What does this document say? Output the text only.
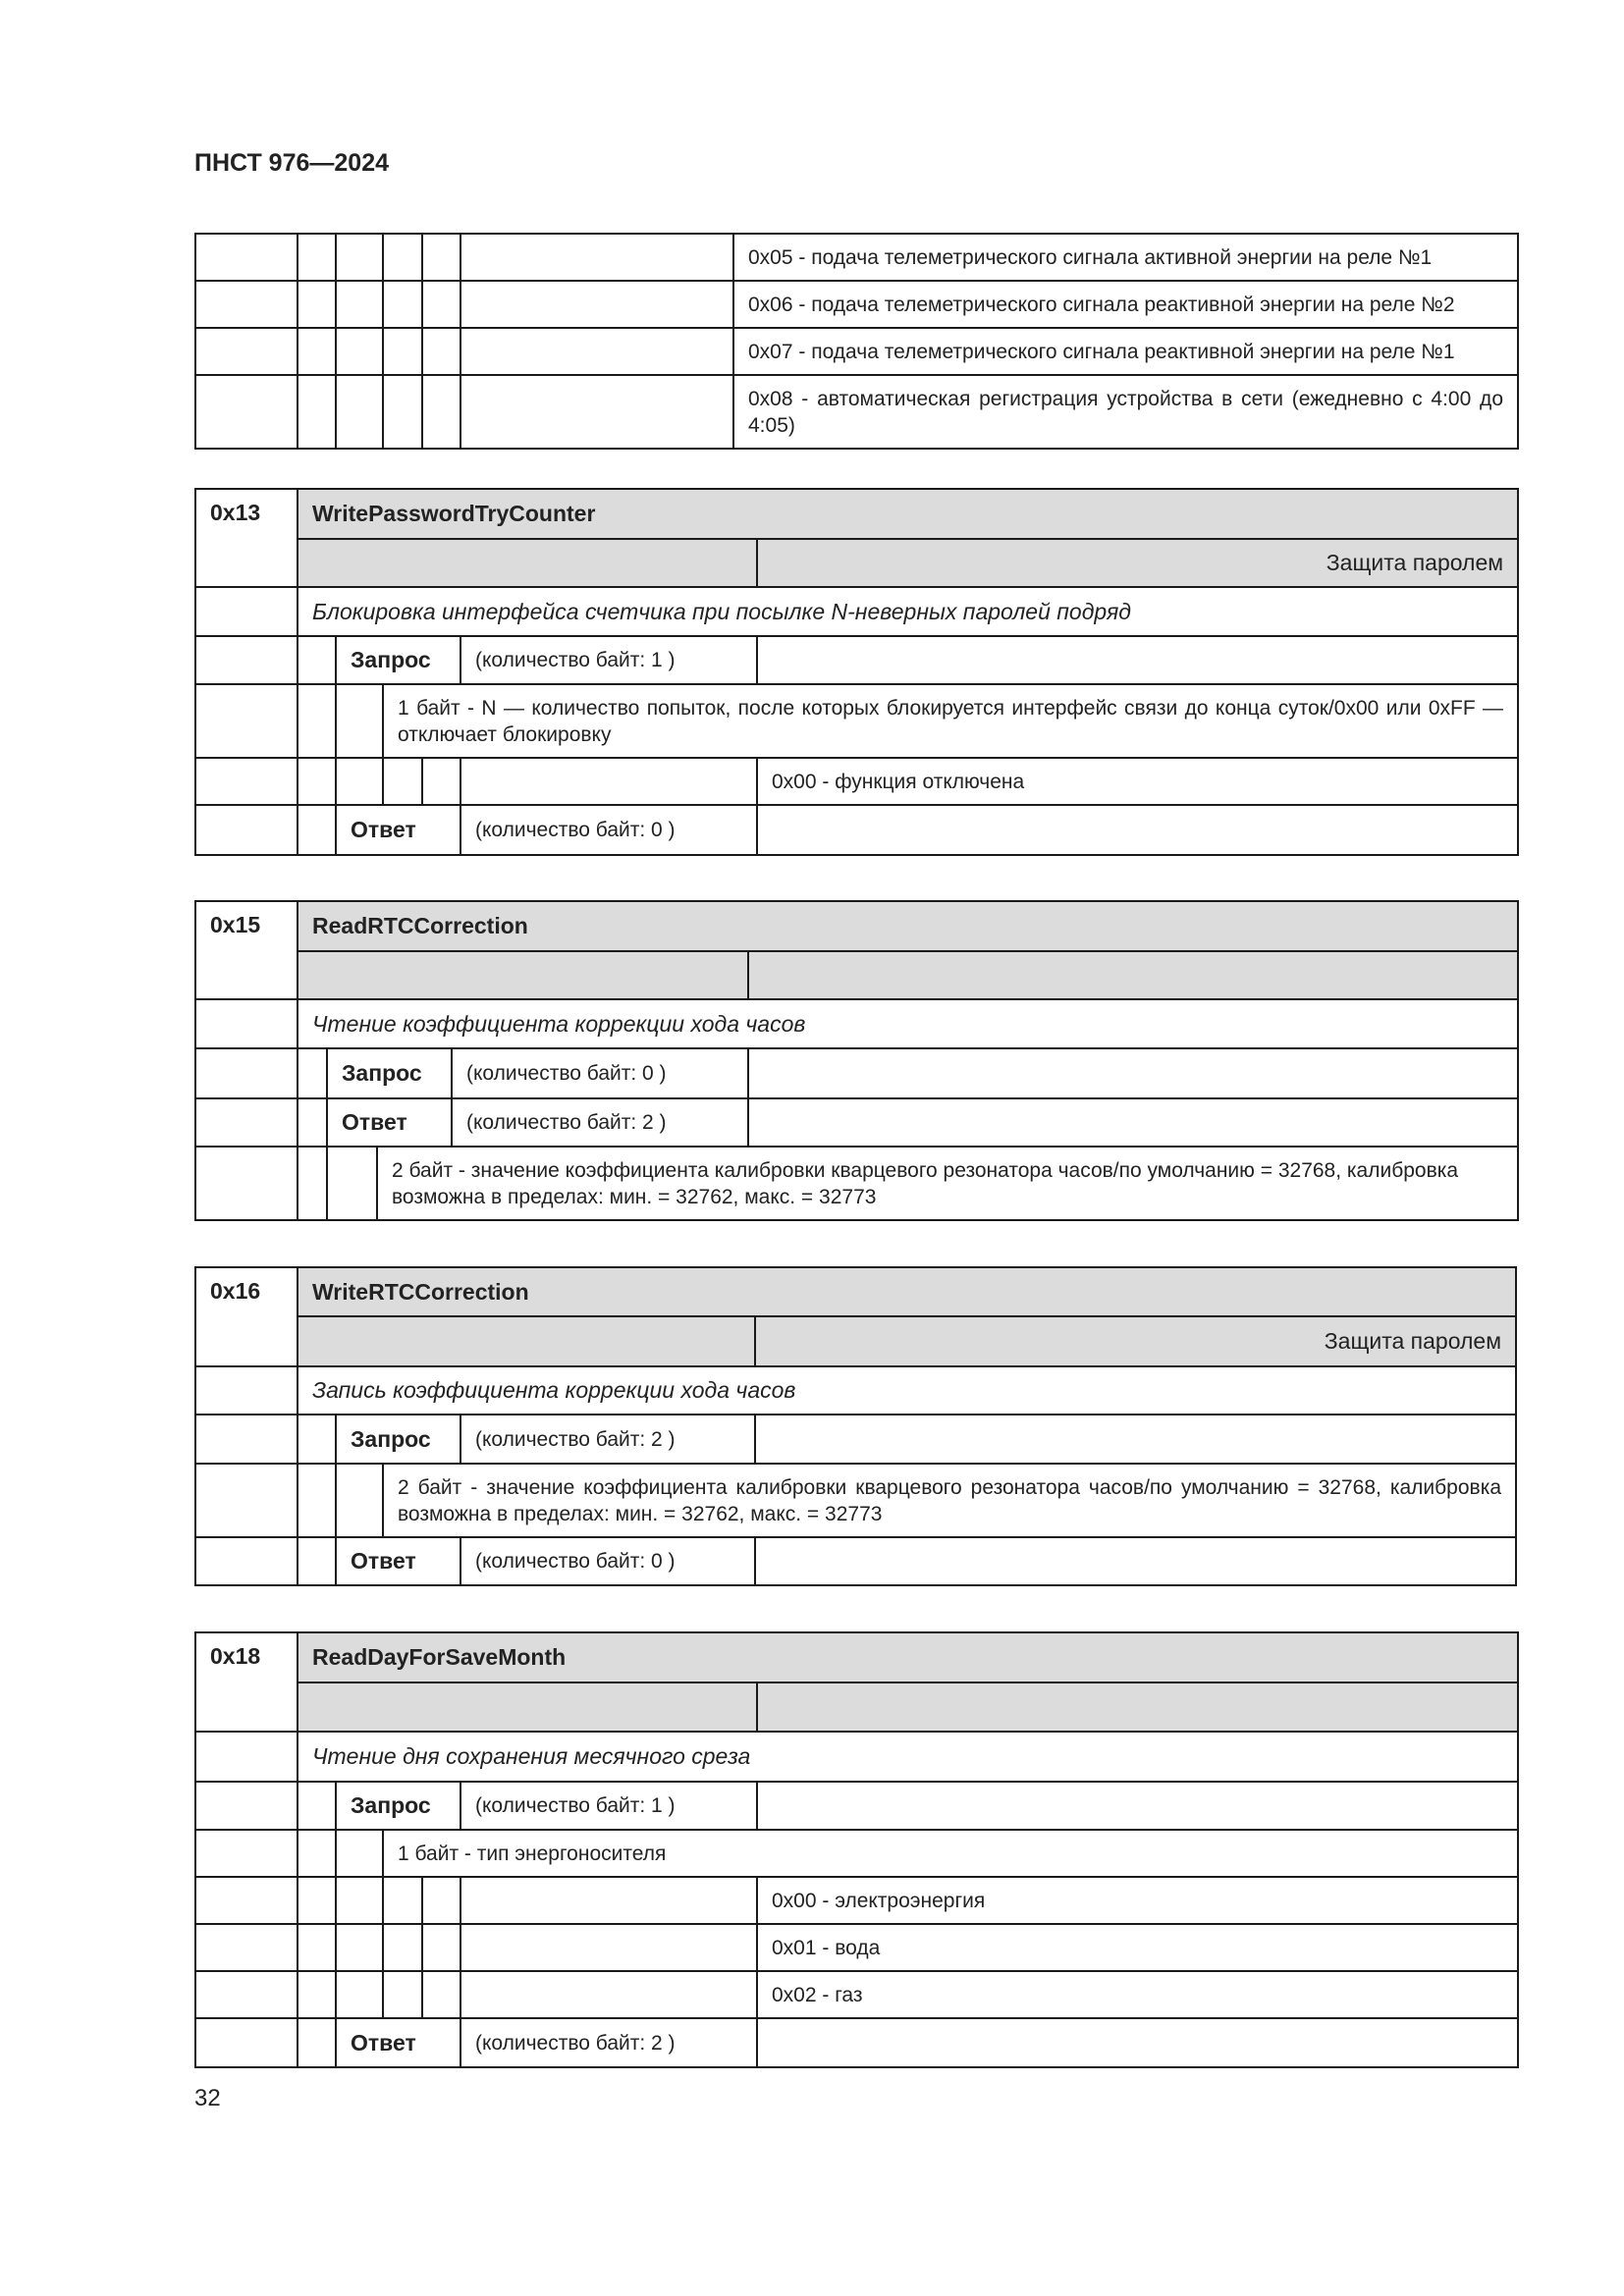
ПНСТ 976—2024
						0x05 - подача телеметрического сигнала активной энергии на реле №1
						0x06 - подача телеметрического сигнала реактивной энергии на реле №2
						0x07 - подача телеметрического сигнала реактивной энергии на реле №1
						0x08 - автоматическая регистрация устройства в сети (ежедневно с 4:00 до 4:05)
0x13	WritePasswordTryCounter					
						Защита паролем
	Блокировка интерфейса счетчика при посылке N-неверных паролей подряд					
		Запрос			(количество байт: 1 )	
			1 байт - N — количество попыток, после которых блокируется интерфейс связи до конца суток/0x00 или 0xFF — отключает блокировку			
						0x00 - функция отключена
		Ответ			(количество байт: 0 )	
0x15	ReadRTCCorrection				

	Чтение коэффициента коррекции хода часов				
		Запрос		(количество байт: 0 )	
		Ответ		(количество байт: 2 )	
			2 байт - значение коэффициента калибровки кварцевого резонатора часов/по умолчанию = 32768, калибровка возможна в пределах: мин. = 32762, макс. = 32773		
0x16	WriteRTCCorrection				
					Защита паролем
	Запись коэффициента коррекции хода часов				
		Запрос		(количество байт: 2 )	
			2 байт - значение коэффициента калибровки кварцевого резонатора часов/по умолчанию = 32768, калибровка возможна в пределах: мин. = 32762, макс. = 32773		
		Ответ		(количество байт: 0 )	
0x18	ReadDayForSaveMonth					

	Чтение дня сохранения месячного среза					
		Запрос			(количество байт: 1 )	
			1 байт - тип энергоносителя			
						0x00 - электроэнергия
						0x01 - вода
						0x02 - газ
		Ответ			(количество байт: 2 )	
32
